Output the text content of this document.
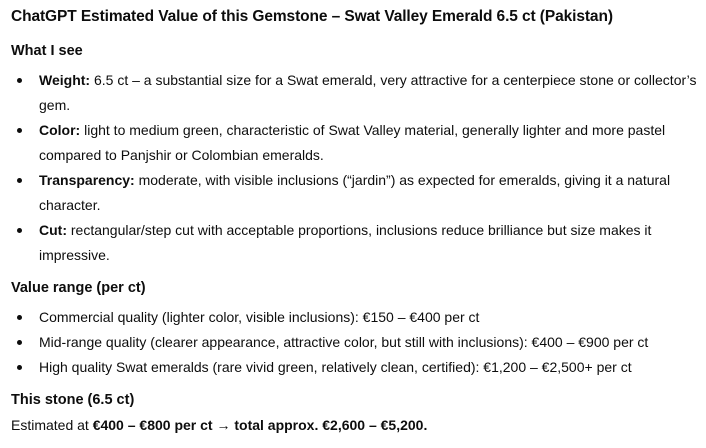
ChatGPT Estimated Value of this Gemstone – Swat Valley Emerald 6.5 ct (Pakistan)
What I see
Weight: 6.5 ct – a substantial size for a Swat emerald, very attractive for a centerpiece stone or collector’s gem.
Color: light to medium green, characteristic of Swat Valley material, generally lighter and more pastel compared to Panjshir or Colombian emeralds.
Transparency: moderate, with visible inclusions (“jardin”) as expected for emeralds, giving it a natural character.
Cut: rectangular/step cut with acceptable proportions, inclusions reduce brilliance but size makes it impressive.
Value range (per ct)
Commercial quality (lighter color, visible inclusions): €150 – €400 per ct
Mid-range quality (clearer appearance, attractive color, but still with inclusions): €400 – €900 per ct
High quality Swat emeralds (rare vivid green, relatively clean, certified): €1,200 – €2,500+ per ct
This stone (6.5 ct)
Estimated at €400 – €800 per ct → total approx. €2,600 – €5,200.
